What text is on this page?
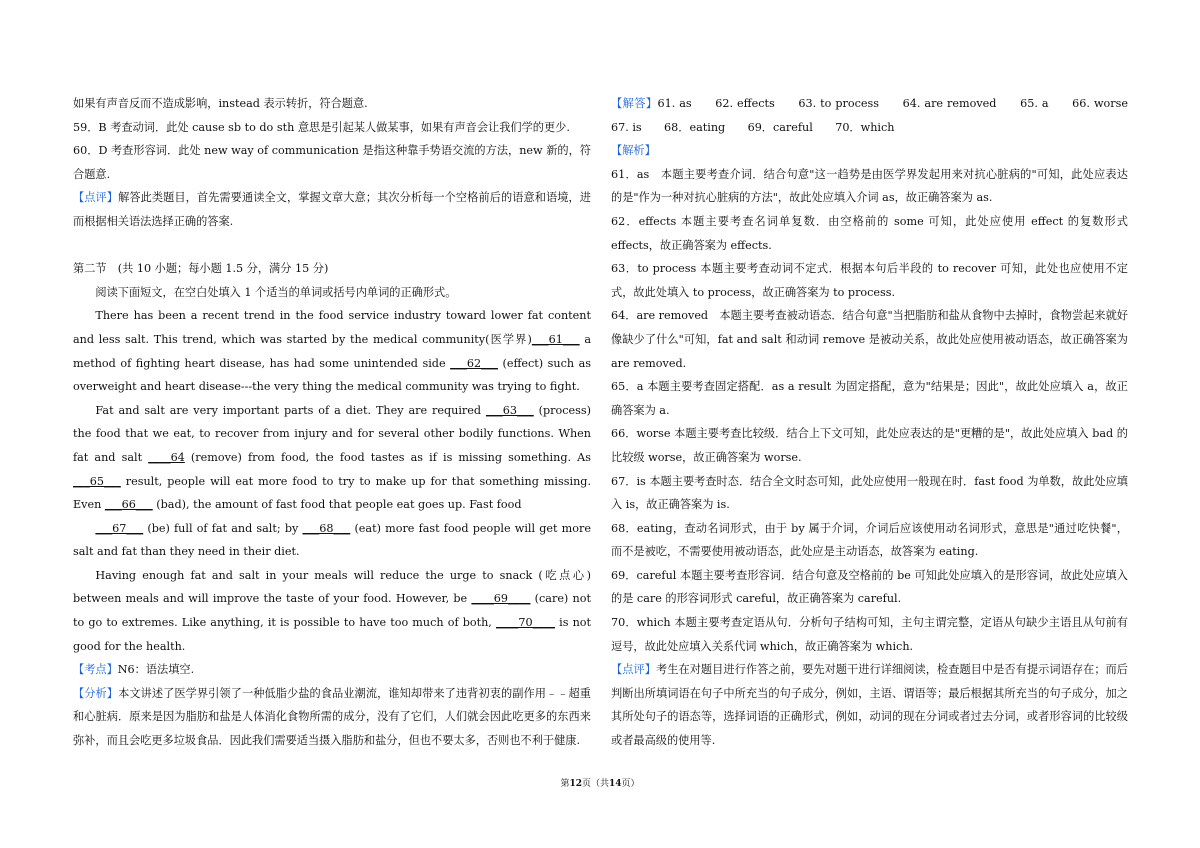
如果有声音反而不造成影响，instead 表示转折，符合题意.

59．B 考查动词．此处 cause sb to do sth 意思是引起某人做某事，如果有声音会让我们学的更少.

60．D 考查形容词．此处 new way of communication 是指这种靠手势语交流的方法，new 新的，符合题意.

【点评】解答此类题目，首先需要通读全文，掌握文章大意；其次分析每一个空格前后的语意和语境，进而根据相关语法选择正确的答案.

第二节　(共 10 小题；每小题 1.5 分，满分 15 分)

阅读下面短文，在空白处填入 1 个适当的单词或括号内单词的正确形式。

There has been a recent trend in the food service industry toward lower fat content and less salt. This trend, which was started by the medical community(医学界)___61___ a method of fighting heart disease, has had some unintended side ___62___ (effect) such as overweight and heart disease---the very thing the medical community was trying to fight.

Fat and salt are very important parts of a diet. They are required ___63___ (process) the food that we eat, to recover from injury and for several other bodily functions. When fat and salt ____64 (remove) from food, the food tastes as if is missing something. As ___65___ result, people will eat more food to try to make up for that something missing. Even ___66___ (bad), the amount of fast food that people eat goes up. Fast food

___67___ (be) full of fat and salt; by ___68___ (eat) more fast food people will get more salt and fat than they need in their diet.

Having enough fat and salt in your meals will reduce the urge to snack (吃点心) between meals and will improve the taste of your food. However, be ____69____ (care) not to go to extremes. Like anything, it is possible to have too much of both, ____70____ is not good for the health.

【考点】N6：语法填空.

【分析】本文讲述了医学界引领了一种低脂少盐的食品业潮流，谁知却带来了违背初衷的副作用﹣﹣超重和心脏病．原来是因为脂肪和盐是人体消化食物所需的成分，没有了它们，人们就会因此吃更多的东西来弥补，而且会吃更多垃圾食品．因此我们需要适当摄入脂肪和盐分，但也不要太多，否则也不利于健康.

【解答】61. as　　62. effects　　63. to process　　64. are removed　　65. a　　66. worse　　67. is　　68．eating　　69．careful　　70．which

【解析】

61．as　本题主要考查介词．结合句意"这一趋势是由医学界发起用来对抗心脏病的"可知，此处应表达的是"作为一种对抗心脏病的方法"，故此处应填入介词 as，故正确答案为 as.

62．effects 本题主要考查名词单复数．由空格前的 some 可知，此处应使用 effect 的复数形式 effects，故正确答案为 effects.

63．to process 本题主要考查动词不定式．根据本句后半段的 to recover 可知，此处也应使用不定式，故此处填入 to process，故正确答案为 to process.

64．are removed　本题主要考查被动语态．结合句意"当把脂肪和盐从食物中去掉时，食物尝起来就好像缺少了什么"可知，fat and salt 和动词 remove 是被动关系，故此处应使用被动语态，故正确答案为 are removed.

65．a 本题主要考查固定搭配．as a result 为固定搭配，意为"结果是；因此"，故此处应填入 a，故正确答案为 a.

66．worse 本题主要考查比较级．结合上下文可知，此处应表达的是"更糟的是"，故此处应填入 bad 的比较级 worse，故正确答案为 worse.

67．is 本题主要考查时态．结合全文时态可知，此处应使用一般现在时．fast food 为单数，故此处应填入 is，故正确答案为 is.

68．eating，查动名词形式，由于 by 属于介词，介词后应该使用动名词形式，意思是"通过吃快餐"，而不是被吃，不需要使用被动语态，此处应是主动语态，故答案为 eating.

69．careful 本题主要考查形容词．结合句意及空格前的 be 可知此处应填入的是形容词，故此处应填入的是 care 的形容词形式 careful，故正确答案为 careful.

70．which 本题主要考查定语从句．分析句子结构可知，主句主谓完整，定语从句缺少主语且从句前有逗号，故此处应填入关系代词 which，故正确答案为 which.

【点评】考生在对题目进行作答之前，要先对题干进行详细阅读，检查题目中是否有提示词语存在；而后判断出所填词语在句子中所充当的句子成分，例如，主语、谓语等；最后根据其所充当的句子成分，加之其所处句子的语态等，选择词语的正确形式，例如，动词的现在分词或者过去分词，或者形容词的比较级或者最高级的使用等.

第12页（共14页）
